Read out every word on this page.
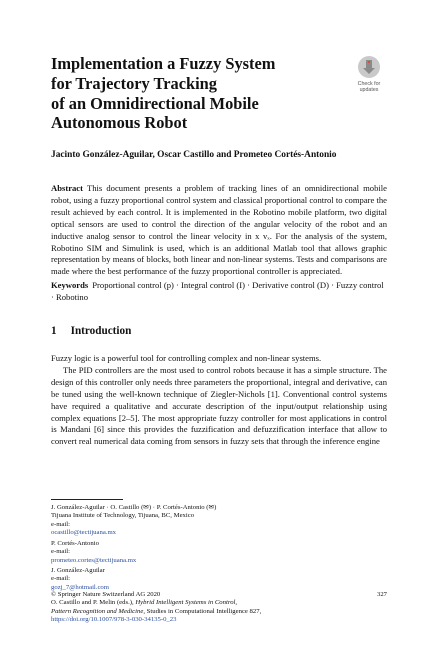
Implementation a Fuzzy System
for Trajectory Tracking
of an Omnidirectional Mobile
Autonomous Robot
Check for
updates

Jacinto González-Aguilar, Oscar Castillo and Prometeo Cortés-Antonio

Abstract This document presents a problem of tracking lines of an omnidirectional mobile robot, using a fuzzy proportional control system and classical proportional control to compare the result achieved by each control. It is implemented in the Robotino mobile platform, two digital optical sensors are used to control the direction of the angular velocity of the robot and an inductive analog sensor to control the linear velocity in x vₓ. For the analysis of the system, Robotino SIM and Simulink is used, which is an additional Matlab tool that allows graphic representation by means of blocks, both linear and non-linear systems. Tests and comparisons are made where the best performance of the fuzzy proportional controller is appreciated.

Keywords Proportional control (p) · Integral control (I) · Derivative control (D) · Fuzzy control · Robotino

1 Introduction

Fuzzy logic is a powerful tool for controlling complex and non-linear systems.

The PID controllers are the most used to control robots because it has a simple structure. The design of this controller only needs three parameters the proportional, integral and derivative, can be tuned using the well-known technique of Ziegler-Nichols [1]. Conventional control systems have required a qualitative and accurate description of the input/output relationship using complex equations [2–5]. The most appropriate fuzzy controller for most applications in control is Mandani [6] since this provides the fuzzification and defuzzification interface that allow to convert real numerical data coming from sensors in fuzzy sets that through the inference engine

J. González-Aguilar · O. Castillo (✉) · P. Cortés-Antonio (✉)
Tijuana Institute of Technology, Tijuana, BC, Mexico
e-mail:
ocastillo@tectijuana.mx
P. Cortés-Antonio
e-mail:
prometeo.cortes@tectijuana.mx
J. González-Aguilar
e-mail:
gozj_7@hotmail.com
© Springer Nature Switzerland AG 2020	327
O. Castillo and P. Melin (eds.), Hybrid Intelligent Systems in Control,
Pattern Recognition and Medicine, Studies in Computational Intelligence 827,
https://doi.org/10.1007/978-3-030-34135-0_23
